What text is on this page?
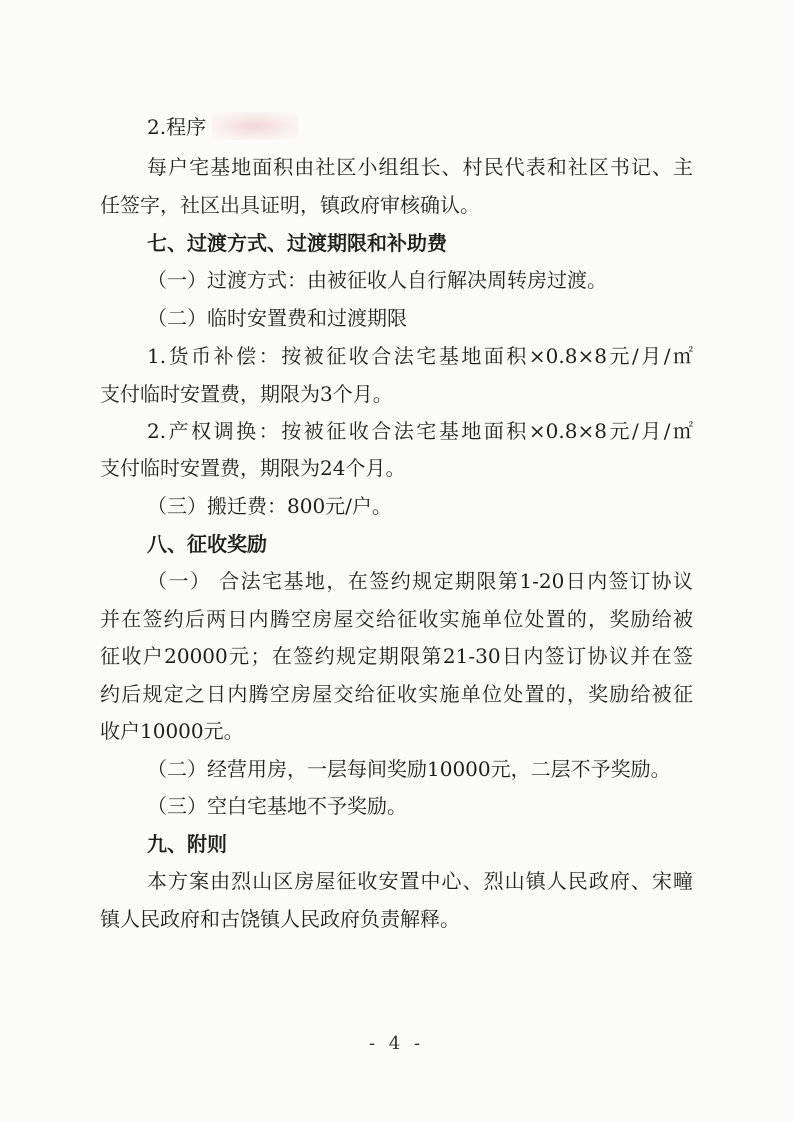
2.程序
每户宅基地面积由社区小组组长、村民代表和社区书记、主
任签字，社区出具证明，镇政府审核确认。
七、过渡方式、过渡期限和补助费
（一）过渡方式：由被征收人自行解决周转房过渡。
（二）临时安置费和过渡期限
1.货币补偿：按被征收合法宅基地面积×0.8×8元/月/㎡
支付临时安置费，期限为3个月。
2.产权调换：按被征收合法宅基地面积×0.8×8元/月/㎡
支付临时安置费，期限为24个月。
（三）搬迁费：800元/户。
八、征收奖励
（一） 合法宅基地，在签约规定期限第1-20日内签订协议
并在签约后两日内腾空房屋交给征收实施单位处置的，奖励给被
征收户20000元；在签约规定期限第21-30日内签订协议并在签
约后规定之日内腾空房屋交给征收实施单位处置的，奖励给被征
收户10000元。
（二）经营用房，一层每间奖励10000元，二层不予奖励。
（三）空白宅基地不予奖励。
九、附则
本方案由烈山区房屋征收安置中心、烈山镇人民政府、宋疃
镇人民政府和古饶镇人民政府负责解释。
- 4 -
